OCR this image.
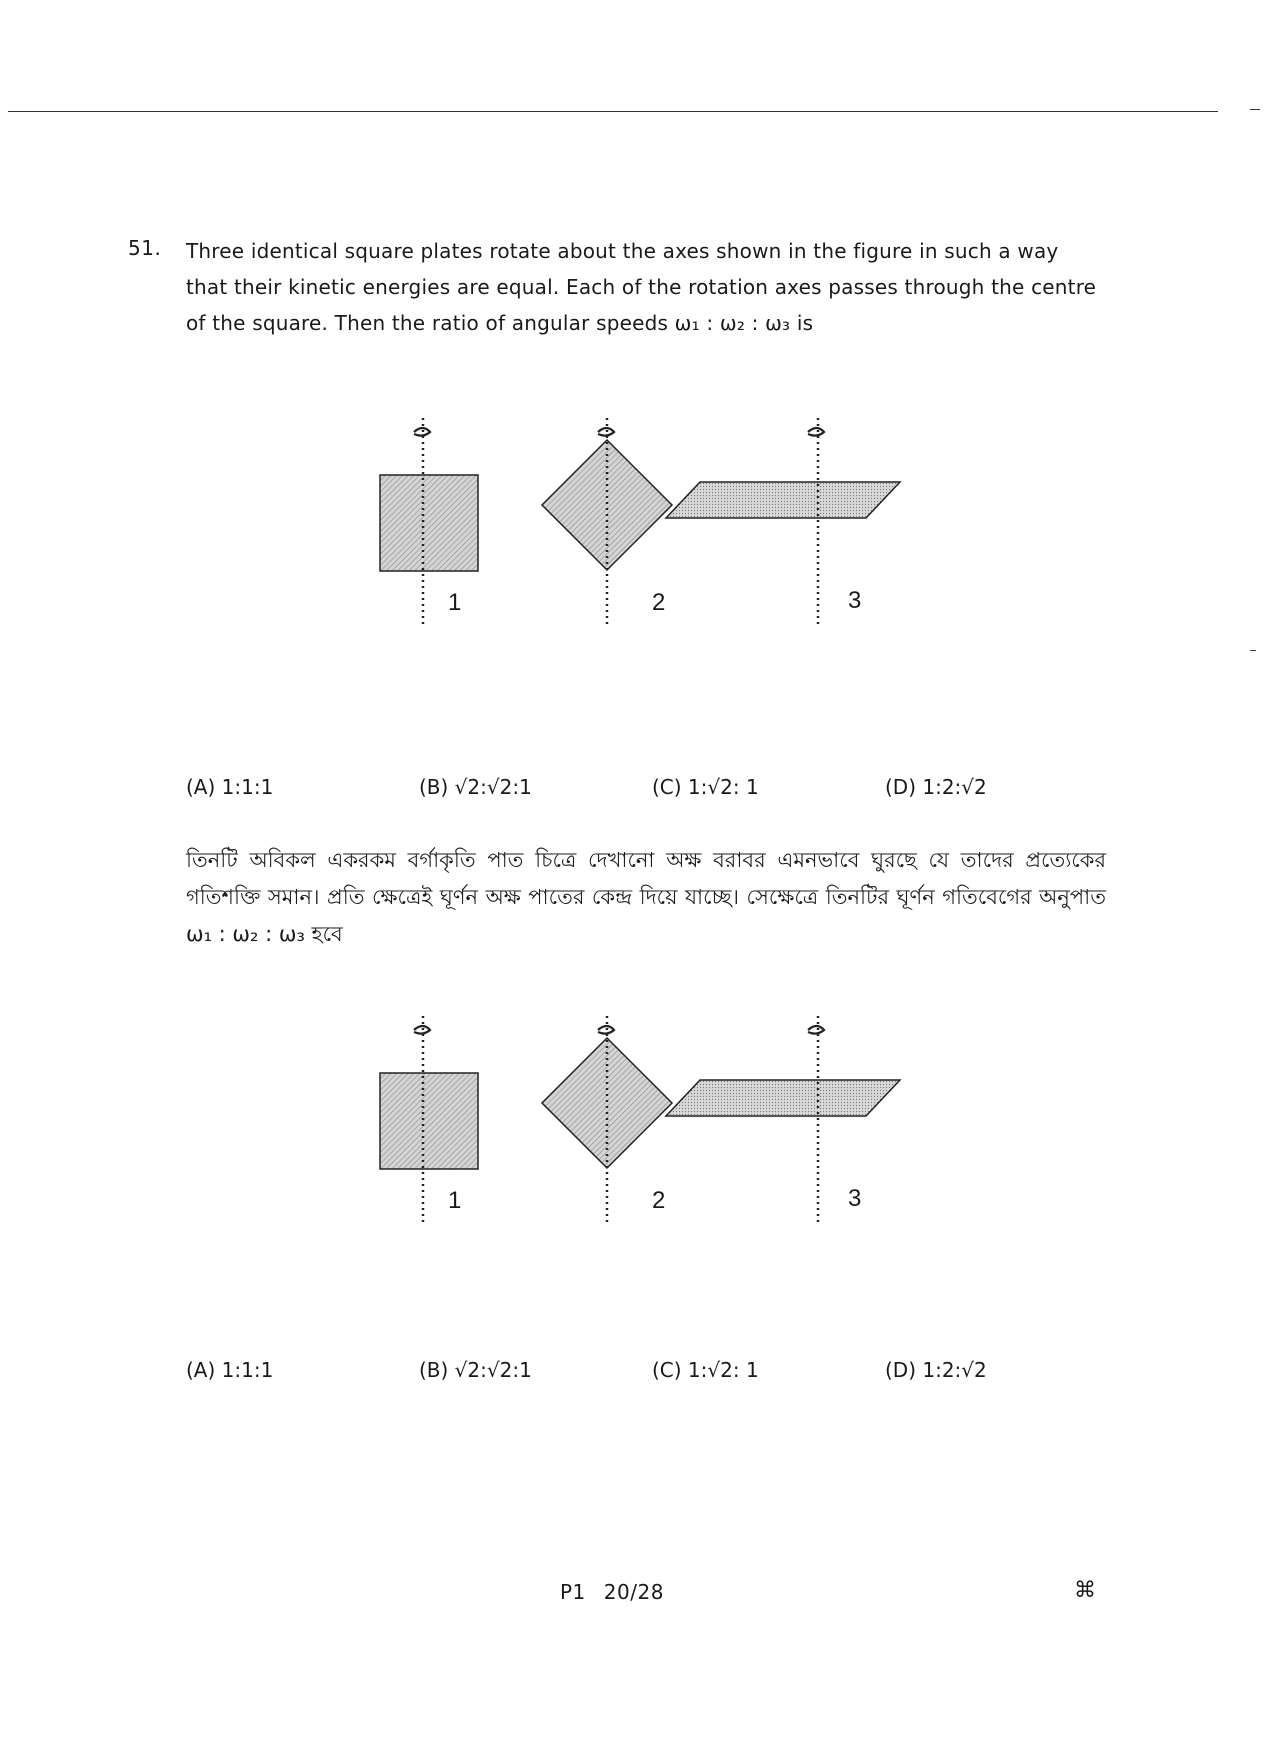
51. Three identical square plates rotate about the axes shown in the figure in such a way that their kinetic energies are equal. Each of the rotation axes passes through the centre of the square. Then the ratio of angular speeds ω₁ : ω₂ : ω₃ is
1	2	3
(A) 1:1:1	(B) √2:√2:1	(C) 1:√2: 1	(D) 1:2:√2
তিনটি অবিকল একরকম বর্গাকৃতি পাত চিত্রে দেখানো অক্ষ বরাবর এমনভাবে ঘুরছে যে তাদের প্রত্যেকের গতিশক্তি সমান। প্রতি ক্ষেত্রেই ঘূর্ণন অক্ষ পাতের কেন্দ্র দিয়ে যাচ্ছে। সেক্ষেত্রে তিনটির ঘূর্ণন গতিবেগের অনুপাত ω₁ : ω₂ : ω₃ হবে
1	2	3
(A) 1:1:1	(B) √2:√2:1	(C) 1:√2: 1	(D) 1:2:√2
P1 20/28	⌘
